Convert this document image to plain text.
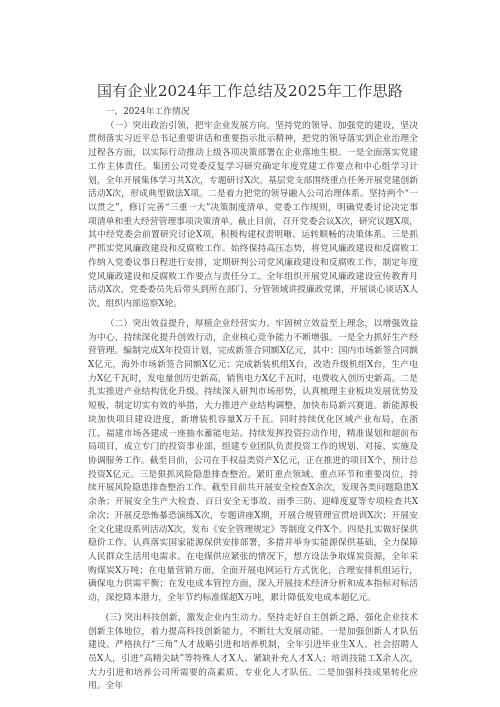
国有企业2024年工作总结及2025年工作思路

一、2024年工作情况

（一）突出政治引领，把牢企业发展方向。坚持党的领导、加强党的建设，坚决贯彻落实习近平总书记重要讲话和重要指示批示精神，把党的领导落实到企业治理全过程各方面，以实际行动推动上级各项决策部署在企业落地生根。一是全面落实党建工作主体责任。集团公司党委反复学习研究确定年度党建工作要点和中心组学习计划，全年开展集体学习共X次，专题研讨X次。基层党支部围绕重点任务开展党建创新活动X次，形成典型做法X项。二是着力把党的领导融入公司治理体系。坚持两个“一以贯之”，修订完善“三重一大”决策制度清单、党委工作规则，明确党委讨论决定事项清单和重大经营管理事项决策清单。截止目前，召开党委会议X次，研究议题X项，其中经党委会前置研究讨论X项，积极构建权责明晰、运转顺畅的决策体系。三是抓严抓实党风廉政建设和反腐败工作。始终保持高压态势，将党风廉政建设和反腐败工作纳入党委议事日程进行安排，定期研判公司党风廉政建设和反腐败工作，制定年度党风廉政建设和反腐败工作要点与责任分工。全年组织开展党风廉政建设宣传教育月活动X次，党委委员先后带头到所在部门、分管领域讲授廉政党课，开展谈心谈话X人次，组织内部巡察X轮。

（二）突出效益提升，厚植企业经营实力。牢固树立效益至上理念，以增强效益为中心，持续深化提升创效行动，企业核心竞争能力不断增强。一是全力抓好生产经营管理。编制完成X年投资计划，完成新签合同额X亿元，其中：国内市场新签合同额X亿元，海外市场新签合同额X亿元；完成新装机组X台，改造升级机组X台，生产电力X亿千瓦时，发电量创历史新高，销售电力X亿千瓦时，电费收入创历史新高。二是扎实推进产业结构优化升级。持续深入研判市场形势，认真梳理主业板块发展优势及短板，制定切实有效的举措，大力推进产业结构调整，加快布局新兴赛道。新能源板块加快项目建设进度，新增装机容量X万千瓦。同时持续优化区域产业布局，在浙江、福建市场各建成一座抽水蓄能电站。持续发挥投资拉动作用，精准谋划和超前布局项目，成立专门的投资事业部，组建专业团队负责投资工作的规划、对接、实施及协调服务工作。截至目前，公司在手权益类资产X亿元，正在推进的项目X个，预计总投资X亿元。三是狠抓风险隐患排查整治。紧盯重点领域、重点环节和重要岗位，持续开展风险隐患排查整治工作。截至目前共开展安全检查X余次，发现各类问题隐患X余条；开展安全生产大检查、百日安全无事故、雨季三防、迎峰度夏等专项检查共X余次；开展反恐怖暴恐演练X次，专题讲座X期，开展合规管理宣贯培训X次；开展安全文化建设系列活动X次，发布《安全管理规定》等制度文件X个。四是扎实做好保供稳价工作。认真落实国家能源保供安排部署，多措并举夯实能源保供基础，全力保障人民群众生活用电需求。在电煤供应紧张的情况下，想方设法争取煤炭资源，全年采购煤炭X万吨；在电量营销方面，全面开展电网运行方式优化，合理安排机组运行，确保电力供需平衡；在发电成本管控方面，深入开展技术经济分析和成本指标对标活动，深挖降本潜力，全年节约标准煤超X万吨，累计降低发电成本超亿元。

(三) 突出科技创新，激发企业内生动力。坚持走好自主创新之路，强化企业技术创新主体地位，着力提高科技创新能力，不断壮大发展动能。一是加强创新人才队伍建设。严格执行“三角”人才战略引进和培养机制，全年引进毕业生X人、社会招聘人员X人，引进“高精尖缺”等特殊人才X人、紧缺补充人才X人；培训技能工X余人次，大力引进和培养公司所需要的高素质、专业化人才队伍。二是加强科技成果转化应用。全年
